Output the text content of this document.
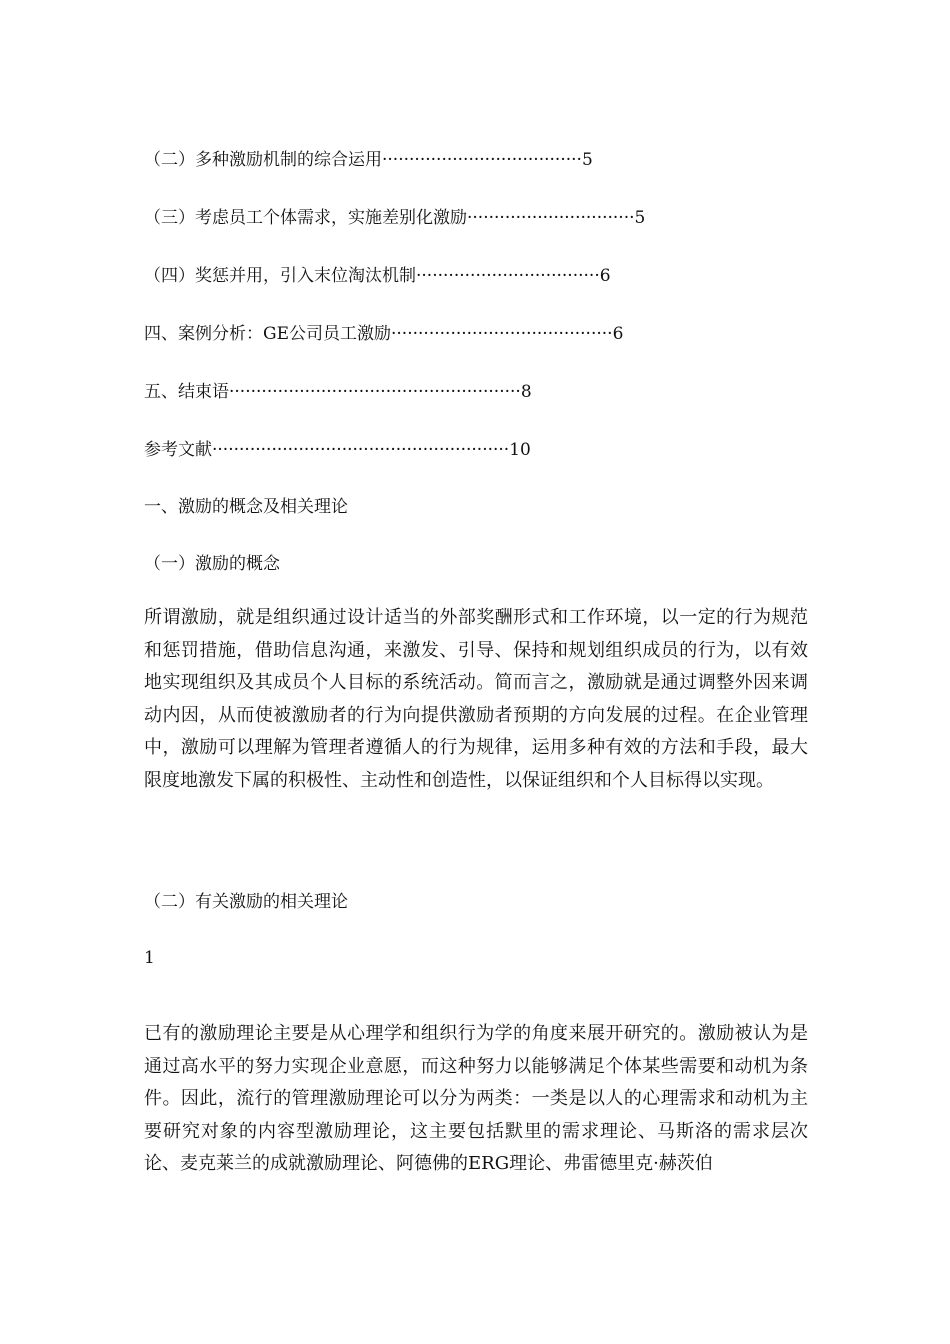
（二）多种激励机制的综合运用·····································5
（三）考虑员工个体需求，实施差别化激励·······························5
（四）奖惩并用，引入末位淘汰机制··································6
四、案例分析：GE公司员工激励·········································6
五、结束语······················································8
参考文献·······················································10
一、激励的概念及相关理论
（一）激励的概念
所谓激励，就是组织通过设计适当的外部奖酬形式和工作环境，以一定的行为规范和惩罚措施，借助信息沟通，来激发、引导、保持和规划组织成员的行为，以有效地实现组织及其成员个人目标的系统活动。简而言之，激励就是通过调整外因来调动内因，从而使被激励者的行为向提供激励者预期的方向发展的过程。在企业管理中，激励可以理解为管理者遵循人的行为规律，运用多种有效的方法和手段，最大限度地激发下属的积极性、主动性和创造性，以保证组织和个人目标得以实现。
（二）有关激励的相关理论
1
已有的激励理论主要是从心理学和组织行为学的角度来展开研究的。激励被认为是通过高水平的努力实现企业意愿，而这种努力以能够满足个体某些需要和动机为条件。因此，流行的管理激励理论可以分为两类：一类是以人的心理需求和动机为主要研究对象的内容型激励理论，这主要包括默里的需求理论、马斯洛的需求层次论、麦克莱兰的成就激励理论、阿德佛的ERG理论、弗雷德里克·赫茨伯
